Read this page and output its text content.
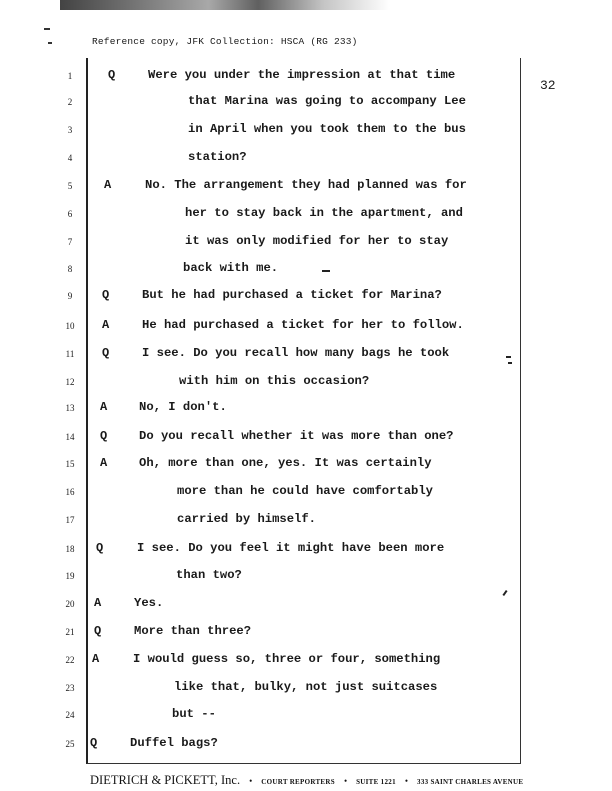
Reference copy, JFK Collection: HSCA (RG 233)
32
1	Q	Were you under the impression at that time
2	that Marina was going to accompany Lee
3	in April when you took them to the bus
4	station?
5	A	No. The arrangement they had planned was for
6	her to stay back in the apartment, and
7	it was only modified for her to stay
8	back with me.
9	Q	But he had purchased a ticket for Marina?
10	A	He had purchased a ticket for her to follow.
11	Q	I see. Do you recall how many bags he took
12	with him on this occasion?
13	A	No, I don't.
14	Q	Do you recall whether it was more than one?
15	A	Oh, more than one, yes. It was certainly
16	more than he could have comfortably
17	carried by himself.
18	Q	I see. Do you feel it might have been more
19	than two?
20	A	Yes.
21	Q	More than three?
22	A	I would guess so, three or four, something
23	like that, bulky, not just suitcases
24	but --
25	Q	Duffel bags?
DIETRICH & PICKETT, Inc. • COURT REPORTERS • SUITE 1221 • 333 SAINT CHARLES AVENUE
